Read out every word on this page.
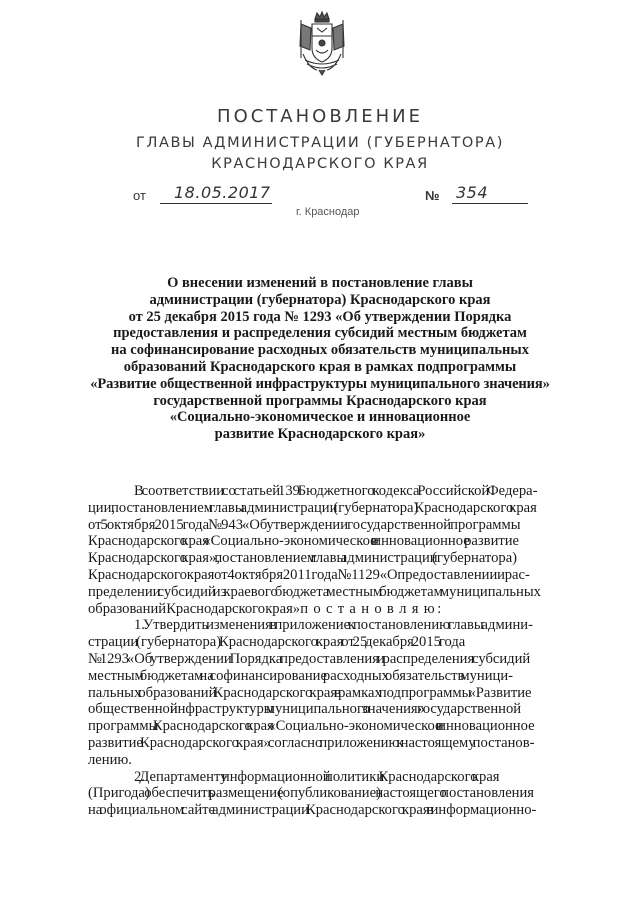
ПОСТАНОВЛЕНИЕ
ГЛАВЫ АДМИНИСТРАЦИИ (ГУБЕРНАТОРА)
КРАСНОДАРСКОГО КРАЯ
от 18.05.2017	№ 354
г. Краснодар
О внесении изменений в постановление главы
администрации (губернатора) Краснодарского края
от 25 декабря 2015 года № 1293 «Об утверждении Порядка
предоставления и распределения субсидий местным бюджетам
на софинансирование расходных обязательств муниципальных
образований Краснодарского края в рамках подпрограммы
«Развитие общественной инфраструктуры муниципального значения»
государственной программы Краснодарского края
«Социально-экономическое и инновационное
развитие Краснодарского края»

В соответствии со статьей 139 Бюджетного кодекса Российской Федера-
ции, постановлением главы администрации (губернатора) Краснодарского края
от 5 октября 2015 года № 943 «Об утверждении государственной программы
Краснодарского края «Социально-экономическое и инновационное развитие
Краснодарского края», постановлением главы администрации (губернатора)
Краснодарского края от 4 октября 2011 года № 1129 «О предоставлении и рас-
пределении субсидий из краевого бюджета местным бюджетам муниципальных
образований Краснодарского края» п о с т а н о в л я ю:

1. Утвердить изменения в приложение к постановлению главы админи-
страции (губернатора) Краснодарского края от 25 декабря 2015 года
№ 1293 «Об утверждении Порядка предоставления и распределения субсидий
местным бюджетам на софинансирование расходных обязательств муници-
пальных образований Краснодарского края в рамках подпрограммы «Развитие
общественной инфраструктуры муниципального значения» государственной
программы Краснодарского края «Социально-экономическое и инновационное
развитие Краснодарского края» согласно приложению к настоящему постанов-
лению.

2. Департаменту информационной политики Краснодарского края
(Пригода) обеспечить размещение (опубликование) настоящего постановления
на официальном сайте администрации Краснодарского края в информационно-
